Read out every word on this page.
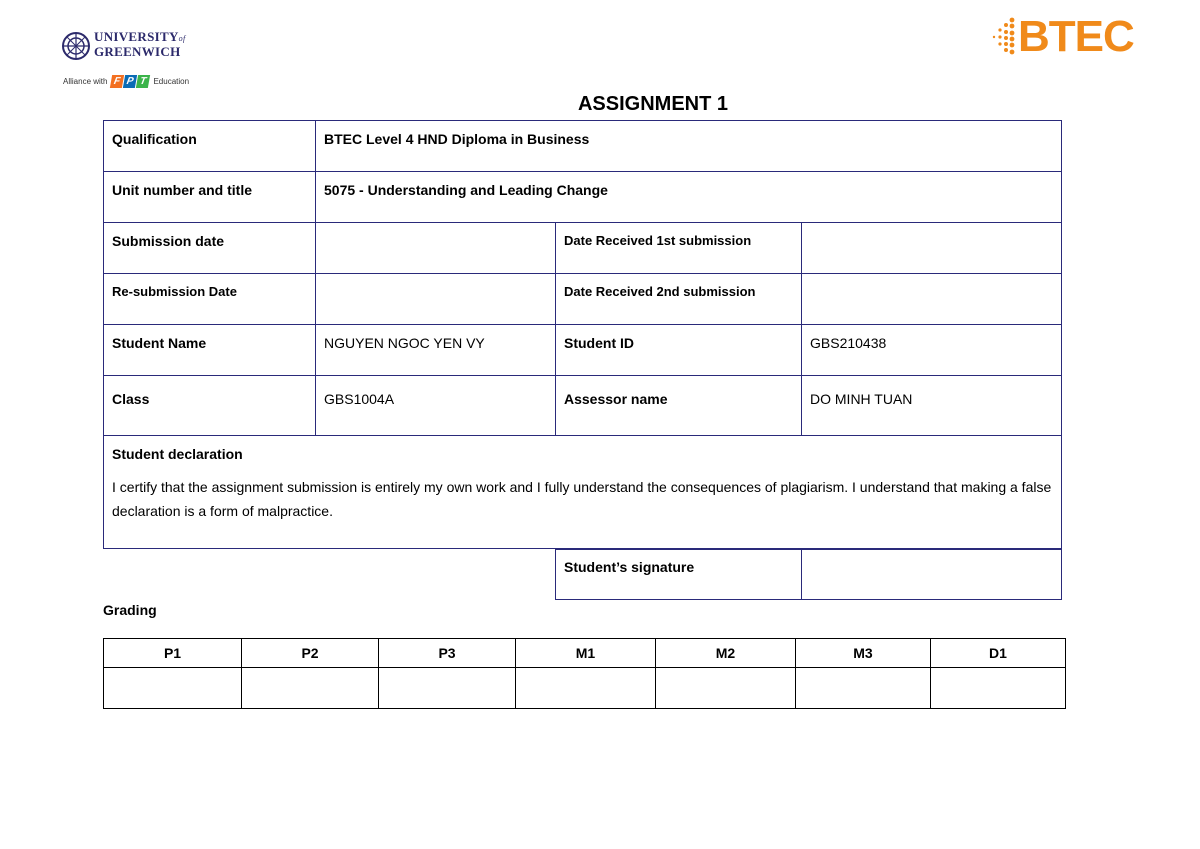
UNIVERSITYof
GREENWICH
Alliance with F P T Education
BTEC
ASSIGNMENT 1
Qualification	BTEC Level 4 HND Diploma in Business		
Unit number and title	5075 - Understanding and Leading Change		
Submission date		Date Received 1st submission	
Re-submission Date		Date Received 2nd submission	
Student Name	NGUYEN NGOC YEN VY	Student ID	GBS210438
Class	GBS1004A	Assessor name	DO MINH TUAN

Student declaration
I certify that the assignment submission is entirely my own work and I fully understand the consequences of plagiarism. I understand that making a false declaration is a form of malpractice.			
Student’s signature	
Grading
P1	P2	P3	M1	M2	M3	D1
